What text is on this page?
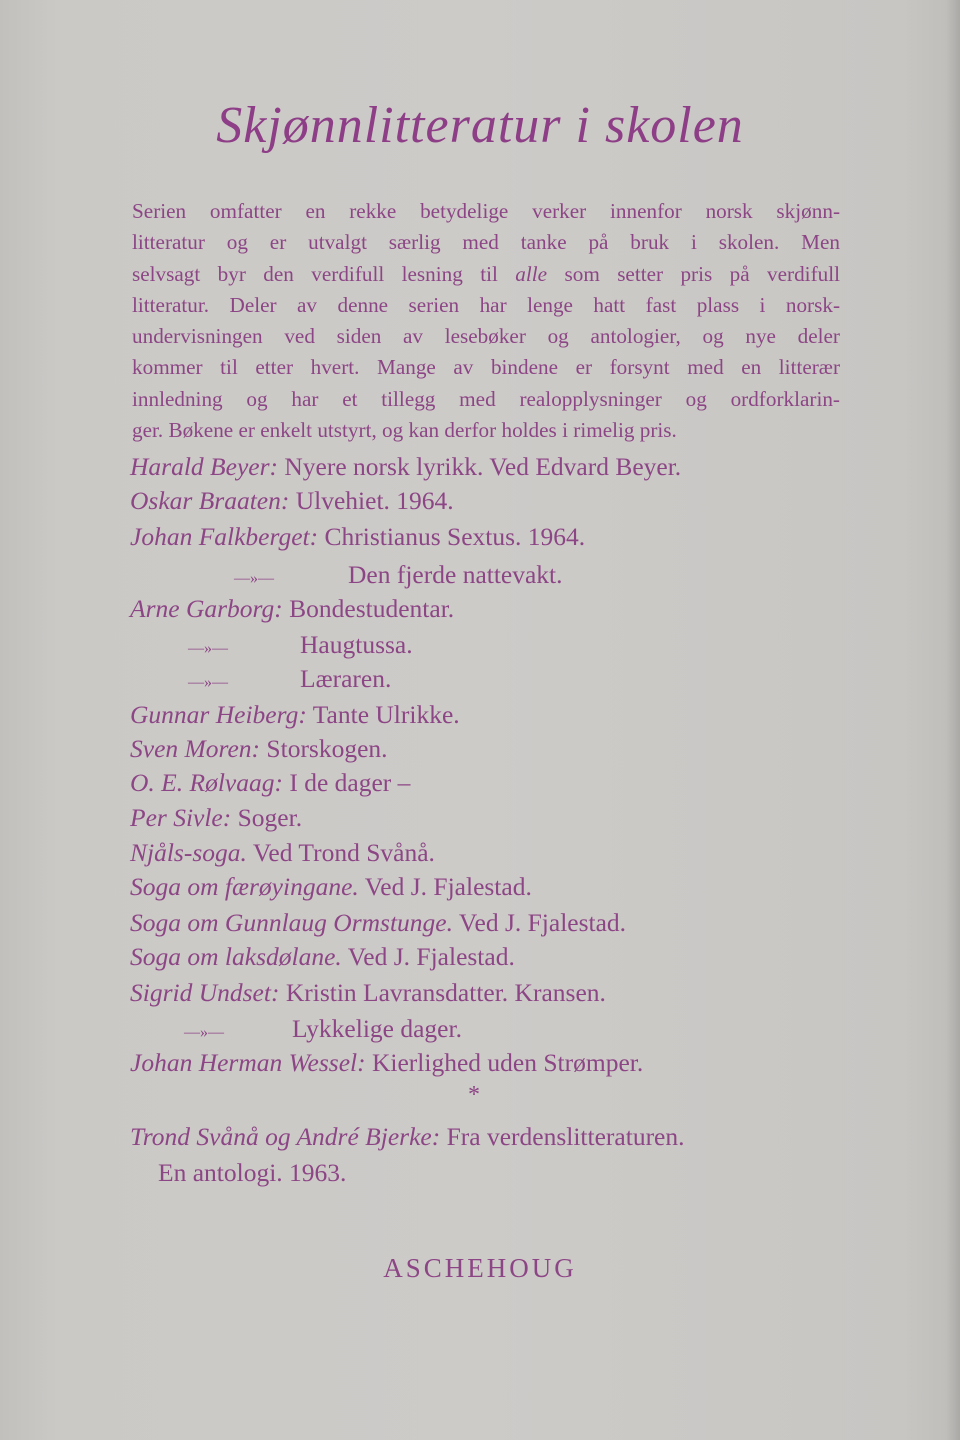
Skjønnlitteratur i skolen
Serien omfatter en rekke betydelige verker innenfor norsk skjønn-
litteratur og er utvalgt særlig med tanke på bruk i skolen. Men
selvsagt byr den verdifull lesning til alle som setter pris på verdifull
litteratur. Deler av denne serien har lenge hatt fast plass i norsk-
undervisningen ved siden av lesebøker og antologier, og nye deler
kommer til etter hvert. Mange av bindene er forsynt med en litterær
innledning og har et tillegg med realopplysninger og ordforklarin-
ger. Bøkene er enkelt utstyrt, og kan derfor holdes i rimelig pris.
Harald Beyer: Nyere norsk lyrikk. Ved Edvard Beyer.
Oskar Braaten: Ulvehiet. 1964.
Johan Falkberget: Christianus Sextus. 1964.
—»—	Den fjerde nattevakt.
Arne Garborg: Bondestudentar.
—»—	Haugtussa.
—»—	Læraren.
Gunnar Heiberg: Tante Ulrikke.
Sven Moren: Storskogen.
O. E. Rølvaag: I de dager –
Per Sivle: Soger.
Njåls-soga. Ved Trond Svånå.
Soga om færøyingane. Ved J. Fjalestad.
Soga om Gunnlaug Ormstunge. Ved J. Fjalestad.
Soga om laksdølane. Ved J. Fjalestad.
Sigrid Undset: Kristin Lavransdatter. Kransen.
—»—	Lykkelige dager.
Johan Herman Wessel: Kierlighed uden Strømper.
*
Trond Svånå og André Bjerke: Fra verdenslitteraturen.
En antologi. 1963.
ASCHEHOUG
